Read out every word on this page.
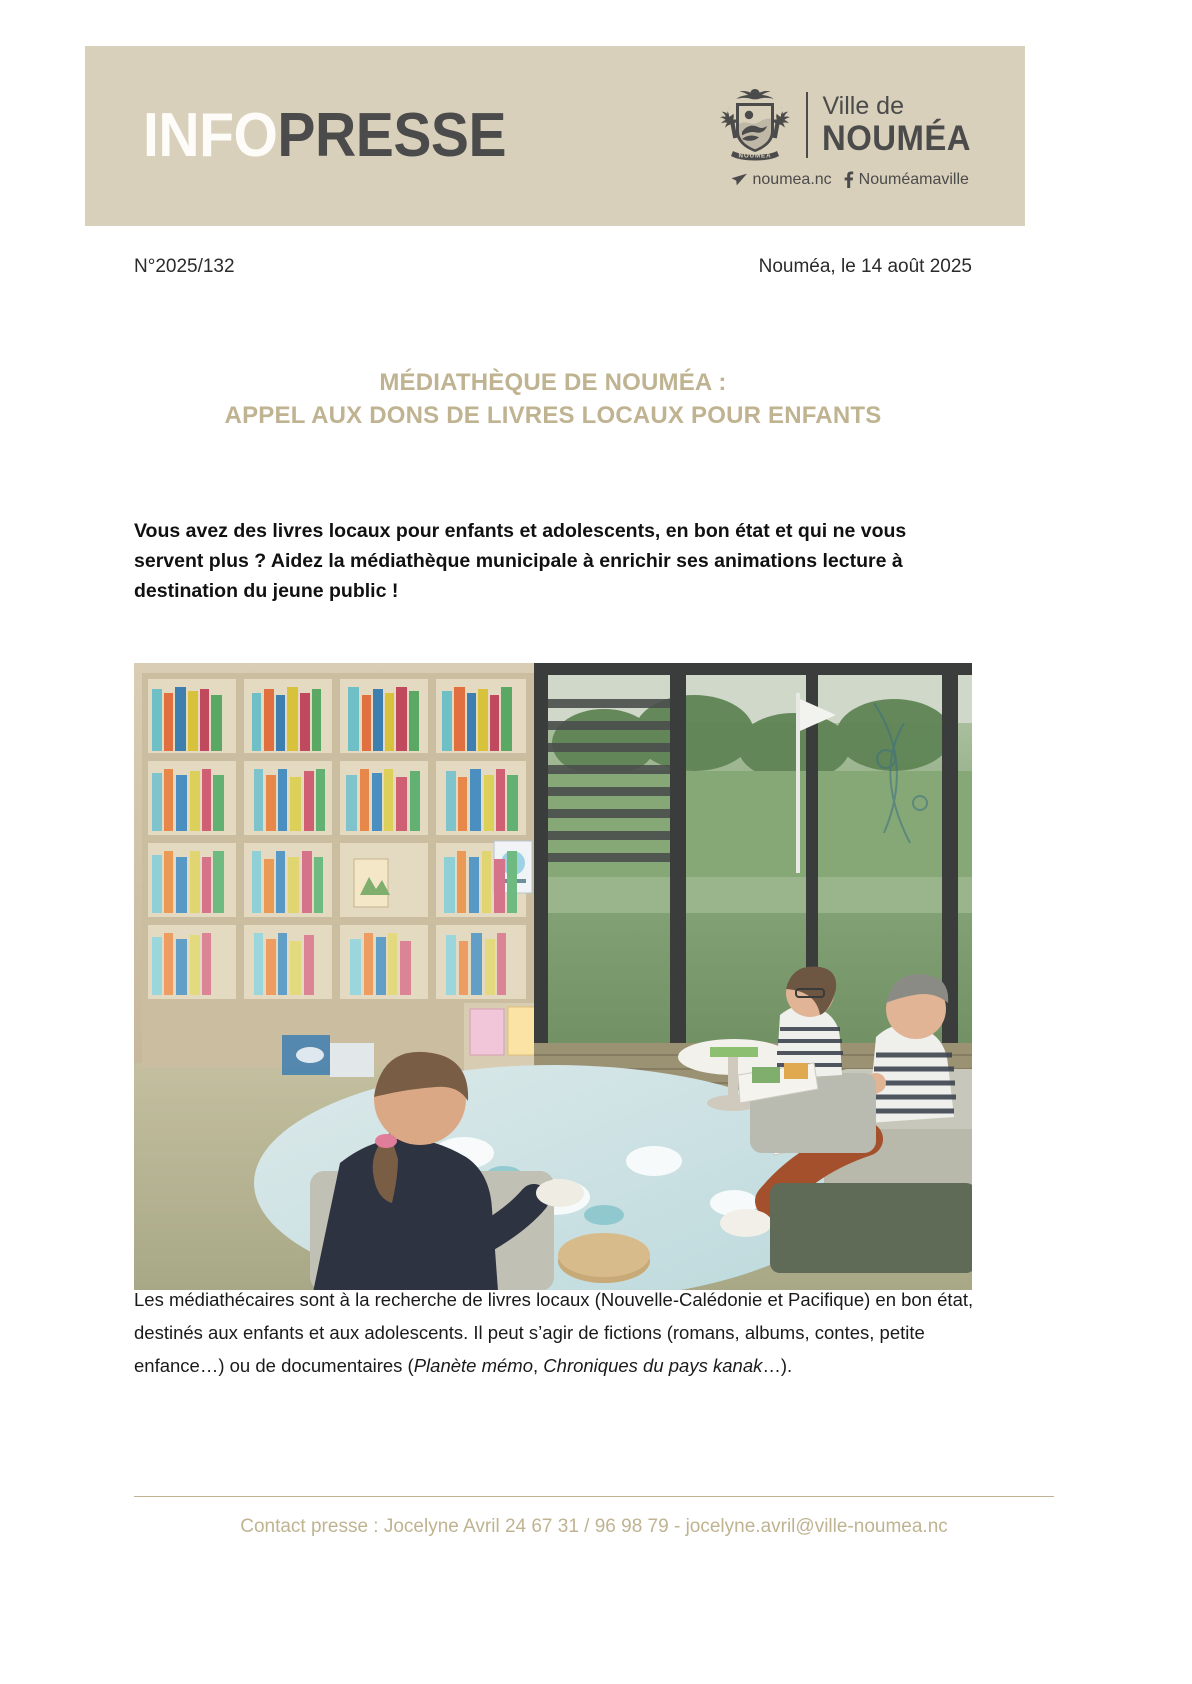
INFOPRESSE	NOUMEA
Ville de
NOUMÉA
noumea.nc Nouméamaville
N°2025/132	Nouméa, le 14 août 2025
MÉDIATHÈQUE DE NOUMÉA :
APPEL AUX DONS DE LIVRES LOCAUX POUR ENFANTS
Vous avez des livres locaux pour enfants et adolescents, en bon état et qui ne vous servent plus ? Aidez la médiathèque municipale à enrichir ses animations lecture à destination du jeune public !
Les médiathécaires sont à la recherche de livres locaux (Nouvelle-Calédonie et Pacifique) en bon état, destinés aux enfants et aux adolescents. Il peut s’agir de fictions (romans, albums, contes, petite enfance…) ou de documentaires (Planète mémo, Chroniques du pays kanak…).
Contact presse : Jocelyne Avril 24 67 31 / 96 98 79 - jocelyne.avril@ville-noumea.nc
